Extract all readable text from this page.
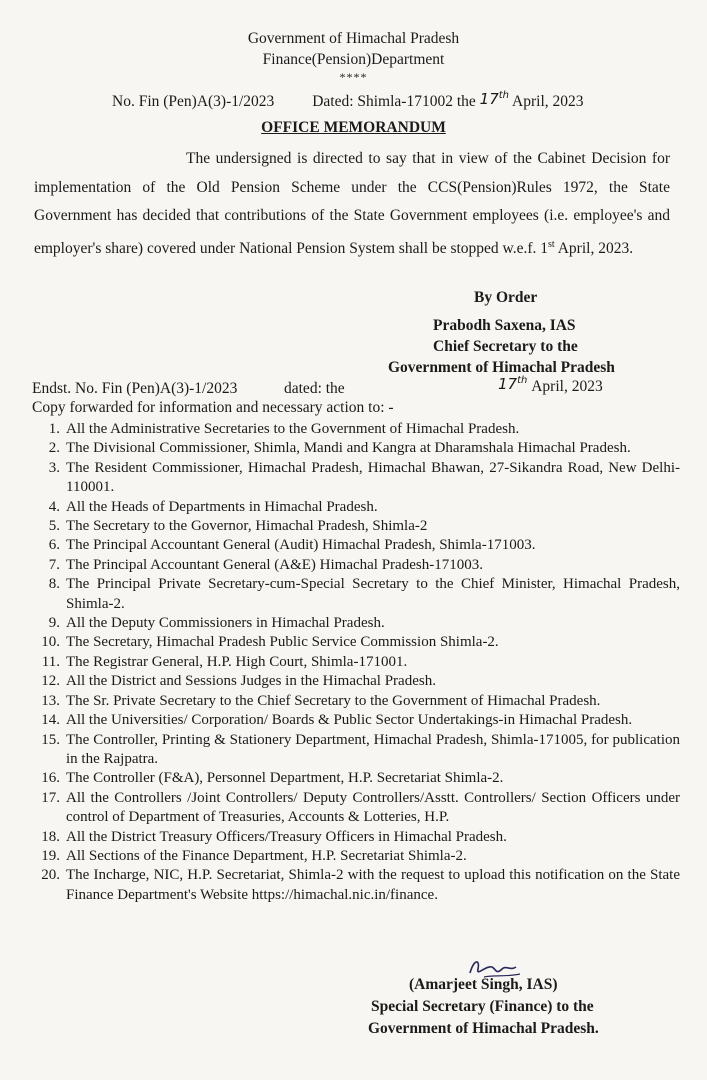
Government of Himachal Pradesh
Finance(Pension)Department
****
No. Fin (Pen)A(3)-1/2023 Dated: Shimla-171002 the 17th April, 2023
OFFICE MEMORANDUM
The undersigned is directed to say that in view of the Cabinet Decision for implementation of the Old Pension Scheme under the CCS(Pension)Rules 1972, the State Government has decided that contributions of the State Government employees (i.e. employee's and employer's share) covered under National Pension System shall be stopped w.e.f. 1st April, 2023.
By Order
Prabodh Saxena, IAS
Chief Secretary to the
Government of Himachal Pradesh
Endst. No. Fin (Pen)A(3)-1/2023	dated: the	17th April, 2023
Copy forwarded for information and necessary action to: -
1. All the Administrative Secretaries to the Government of Himachal Pradesh.
2. The Divisional Commissioner, Shimla, Mandi and Kangra at Dharamshala Himachal Pradesh.
3. The Resident Commissioner, Himachal Pradesh, Himachal Bhawan, 27-Sikandra Road, New Delhi-110001.
4. All the Heads of Departments in Himachal Pradesh.
5. The Secretary to the Governor, Himachal Pradesh, Shimla-2
6. The Principal Accountant General (Audit) Himachal Pradesh, Shimla-171003.
7. The Principal Accountant General (A&E) Himachal Pradesh-171003.
8. The Principal Private Secretary-cum-Special Secretary to the Chief Minister, Himachal Pradesh, Shimla-2.
9. All the Deputy Commissioners in Himachal Pradesh.
10. The Secretary, Himachal Pradesh Public Service Commission Shimla-2.
11. The Registrar General, H.P. High Court, Shimla-171001.
12. All the District and Sessions Judges in the Himachal Pradesh.
13. The Sr. Private Secretary to the Chief Secretary to the Government of Himachal Pradesh.
14. All the Universities/ Corporation/ Boards & Public Sector Undertakings-in Himachal Pradesh.
15. The Controller, Printing & Stationery Department, Himachal Pradesh, Shimla-171005, for publication in the Rajpatra.
16. The Controller (F&A), Personnel Department, H.P. Secretariat Shimla-2.
17. All the Controllers /Joint Controllers/ Deputy Controllers/Asstt. Controllers/ Section Officers under control of Department of Treasuries, Accounts & Lotteries, H.P.
18. All the District Treasury Officers/Treasury Officers in Himachal Pradesh.
19. All Sections of the Finance Department, H.P. Secretariat Shimla-2.
20. The Incharge, NIC, H.P. Secretariat, Shimla-2 with the request to upload this notification on the State Finance Department's Website https://himachal.nic.in/finance.
(Amarjeet Singh, IAS)
Special Secretary (Finance) to the
Government of Himachal Pradesh.
